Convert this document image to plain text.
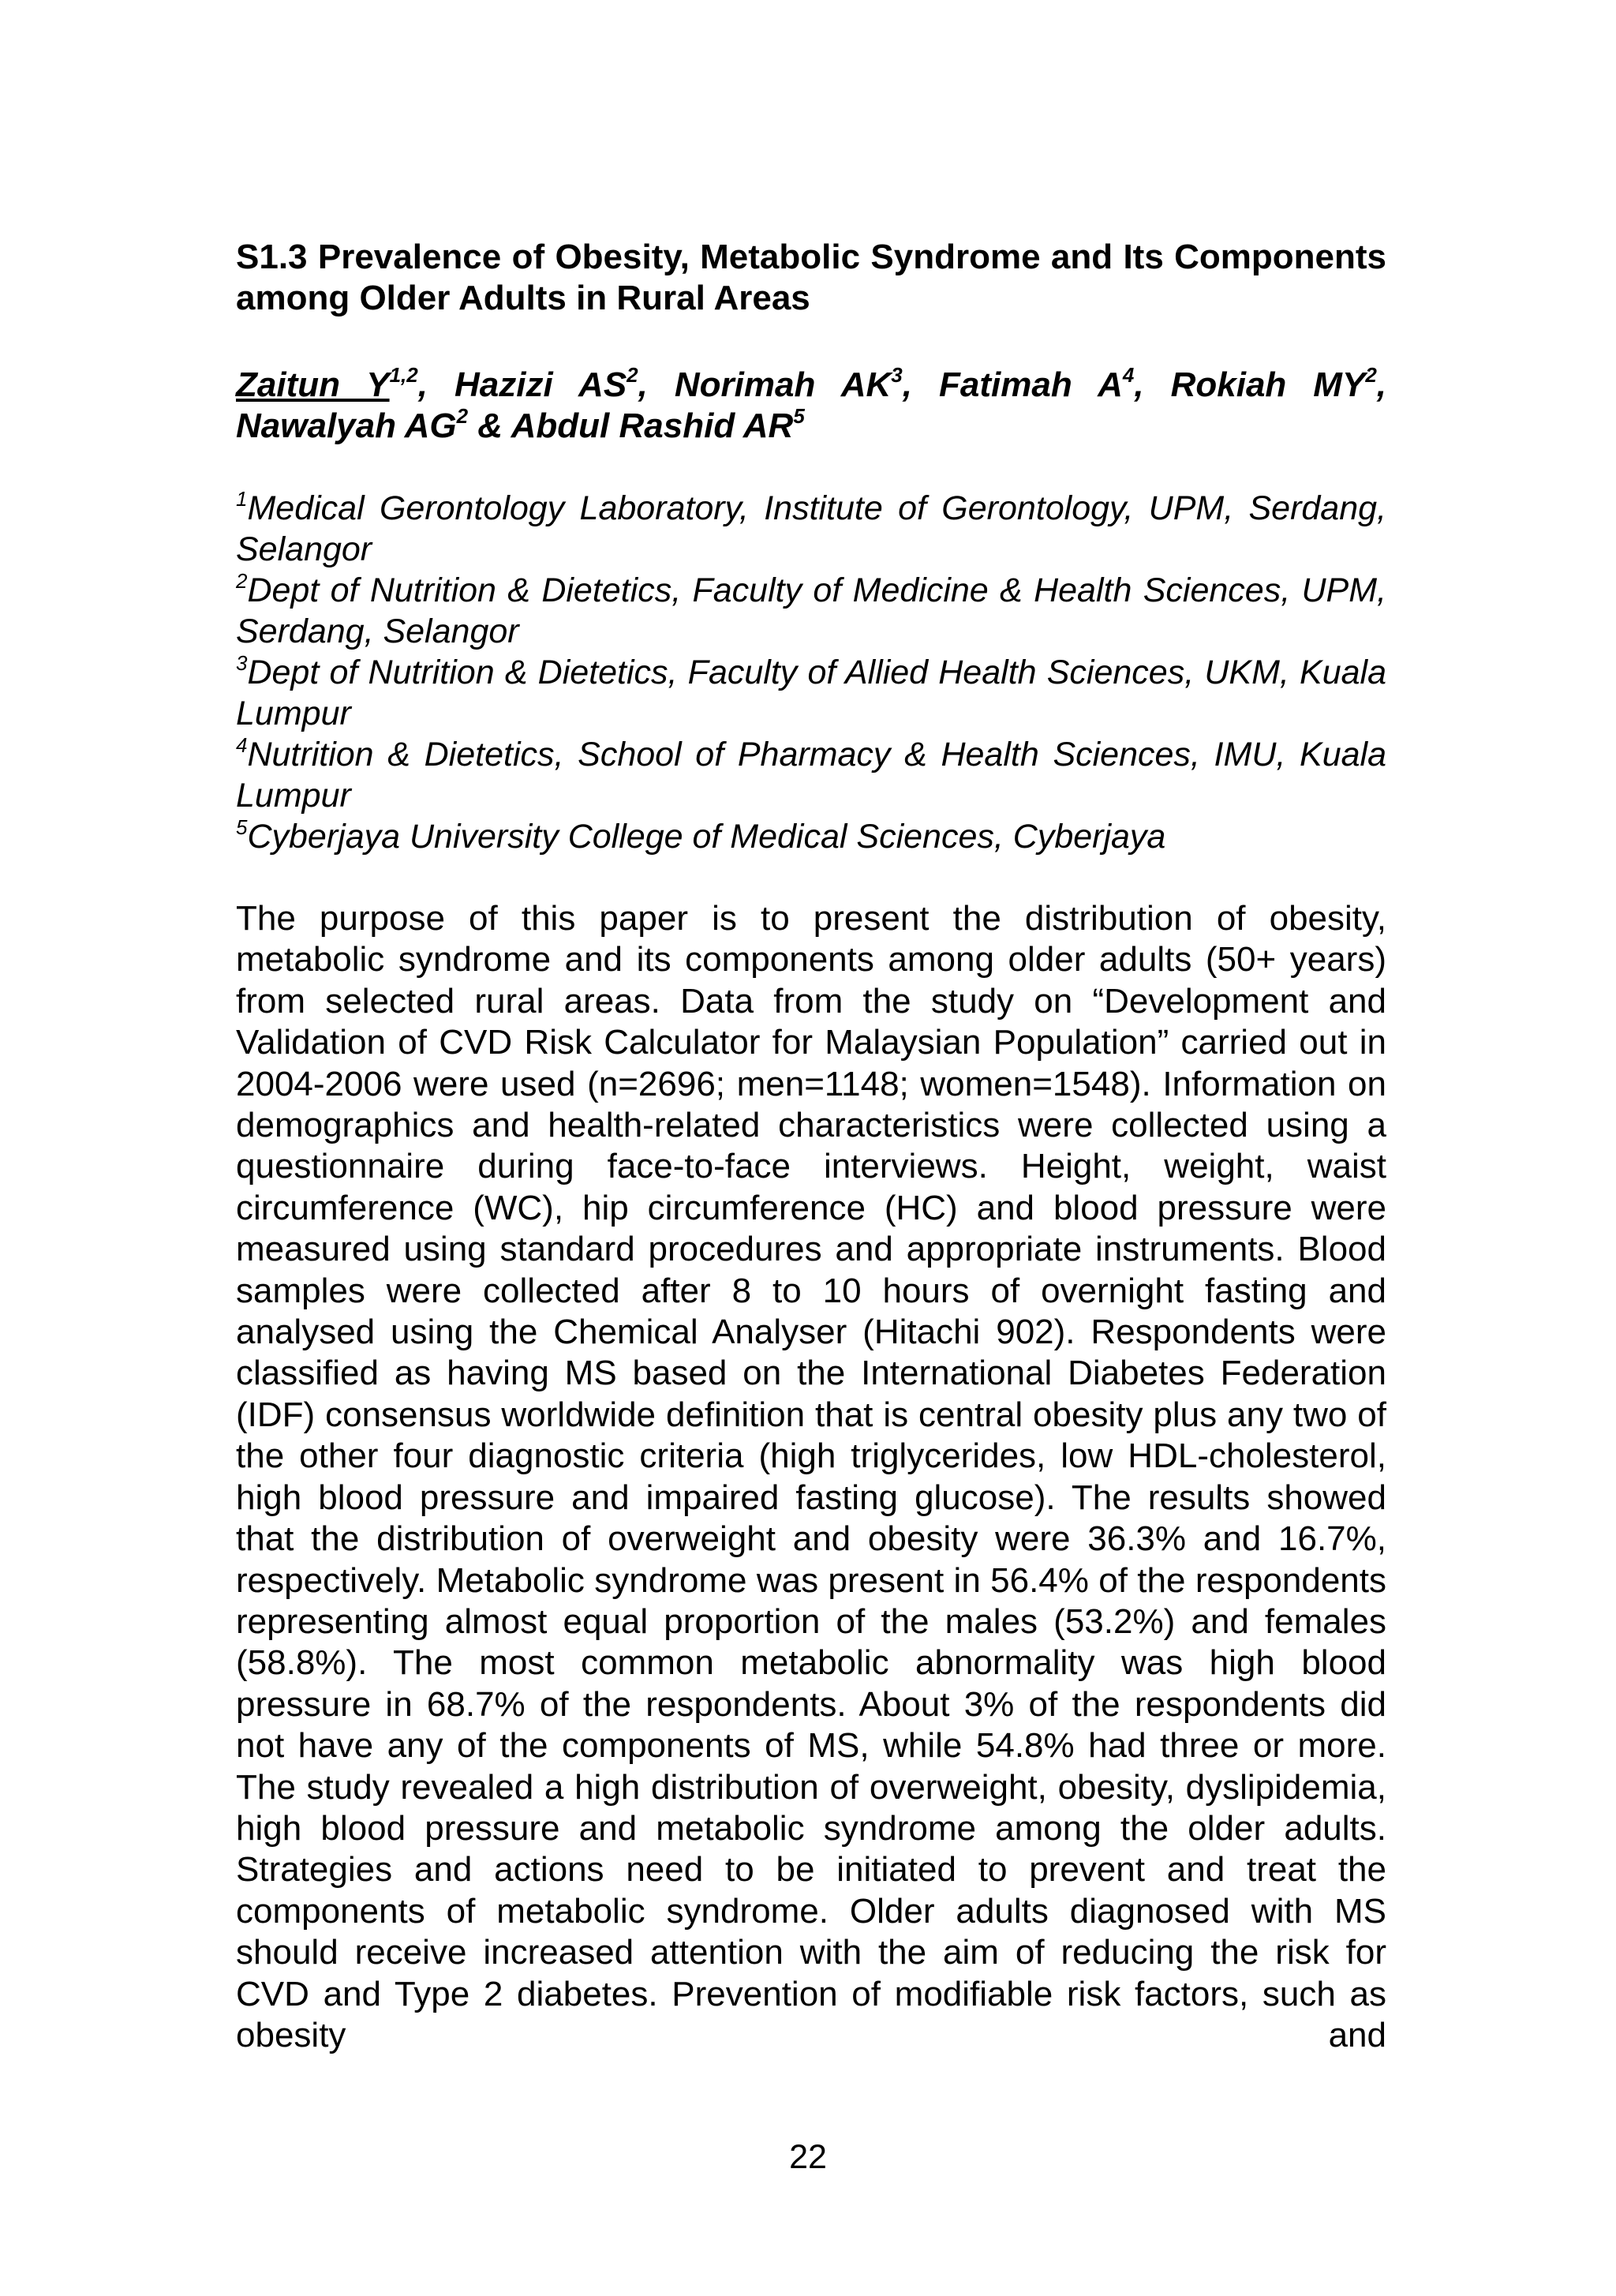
S1.3 Prevalence of Obesity, Metabolic Syndrome and Its Components among Older Adults in Rural Areas
Zaitun Y$^{1,2}$, Hazizi $AS^2$, Norimah $AK^3$, Fatimah $A^4$, Rokiah $MY^2$, Nawalyah $AG^2$ & Abdul Rashid $AR^5$
$^1$Medical Gerontology Laboratory, Institute of Gerontology, UPM, Serdang, Selangor
$^2$Dept of Nutrition & Dietetics, Faculty of Medicine & Health Sciences, UPM, Serdang, Selangor
$^3$Dept of Nutrition & Dietetics, Faculty of Allied Health Sciences, UKM, Kuala Lumpur
$^4$Nutrition & Dietetics, School of Pharmacy & Health Sciences, IMU, Kuala Lumpur
$^5$Cyberjaya University College of Medical Sciences, Cyberjaya

The purpose of this paper is to present the distribution of obesity, metabolic syndrome and its components among older adults (50+ years) from selected rural areas. Data from the study on “Development and Validation of CVD Risk Calculator for Malaysian Population” carried out in 2004-2006 were used (n=2696; men=1148; women=1548). Information on demographics and health-related characteristics were collected using a questionnaire during face-to-face interviews. Height, weight, waist circumference (WC), hip circumference (HC) and blood pressure were measured using standard procedures and appropriate instruments. Blood samples were collected after 8 to 10 hours of overnight fasting and analysed using the Chemical Analyser (Hitachi 902). Respondents were classified as having MS based on the International Diabetes Federation (IDF) consensus worldwide definition that is central obesity plus any two of the other four diagnostic criteria (high triglycerides, low HDL-cholesterol, high blood pressure and impaired fasting glucose). The results showed that the distribution of overweight and obesity were 36.3% and 16.7%, respectively. Metabolic syndrome was present in 56.4% of the respondents representing almost equal proportion of the males (53.2%) and females (58.8%). The most common metabolic abnormality was high blood pressure in 68.7% of the respondents. About 3% of the respondents did not have any of the components of MS, while 54.8% had three or more. The study revealed a high distribution of overweight, obesity, dyslipidemia, high blood pressure and metabolic syndrome among the older adults. Strategies and actions need to be initiated to prevent and treat the components of metabolic syndrome. Older adults diagnosed with MS should receive increased attention with the aim of reducing the risk for CVD and Type 2 diabetes. Prevention of modifiable risk factors, such as obesity and

22
